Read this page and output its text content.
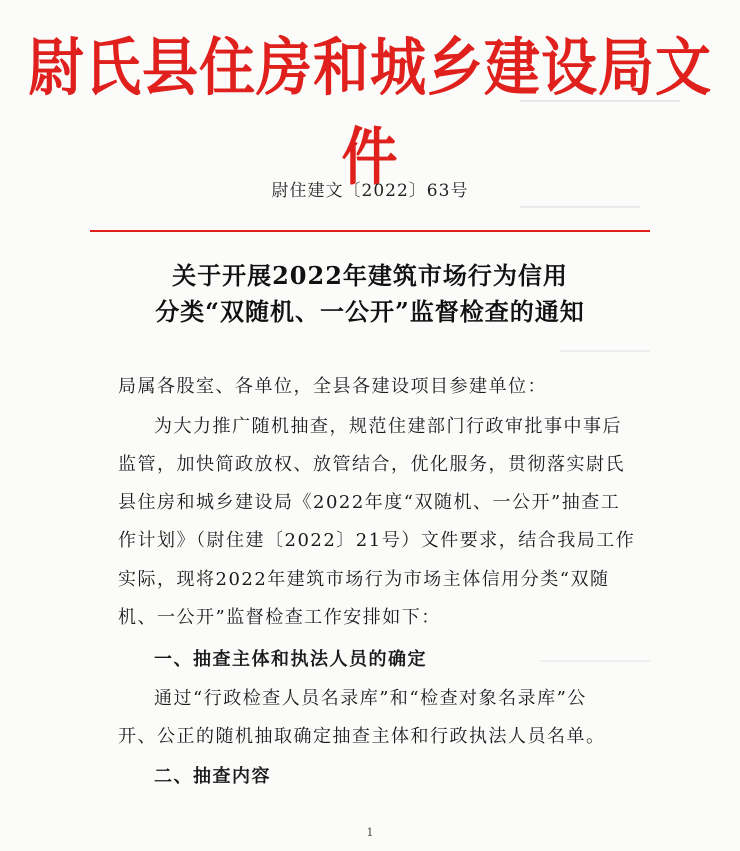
尉氏县住房和城乡建设局文件
尉住建文〔2022〕63号
关于开展2022年建筑市场行为信用
分类“双随机、一公开”监督检查的通知
局属各股室、各单位，全县各建设项目参建单位：
为大力推广随机抽查，规范住建部门行政审批事中事后
监管，加快简政放权、放管结合，优化服务，贯彻落实尉氏
县住房和城乡建设局《2022年度“双随机、一公开”抽查工
作计划》（尉住建〔2022〕21号）文件要求，结合我局工作
实际，现将2022年建筑市场行为市场主体信用分类“双随
机、一公开”监督检查工作安排如下：
一、抽查主体和执法人员的确定
通过“行政检查人员名录库”和“检查对象名录库”公
开、公正的随机抽取确定抽查主体和行政执法人员名单。
二、抽查内容
1
